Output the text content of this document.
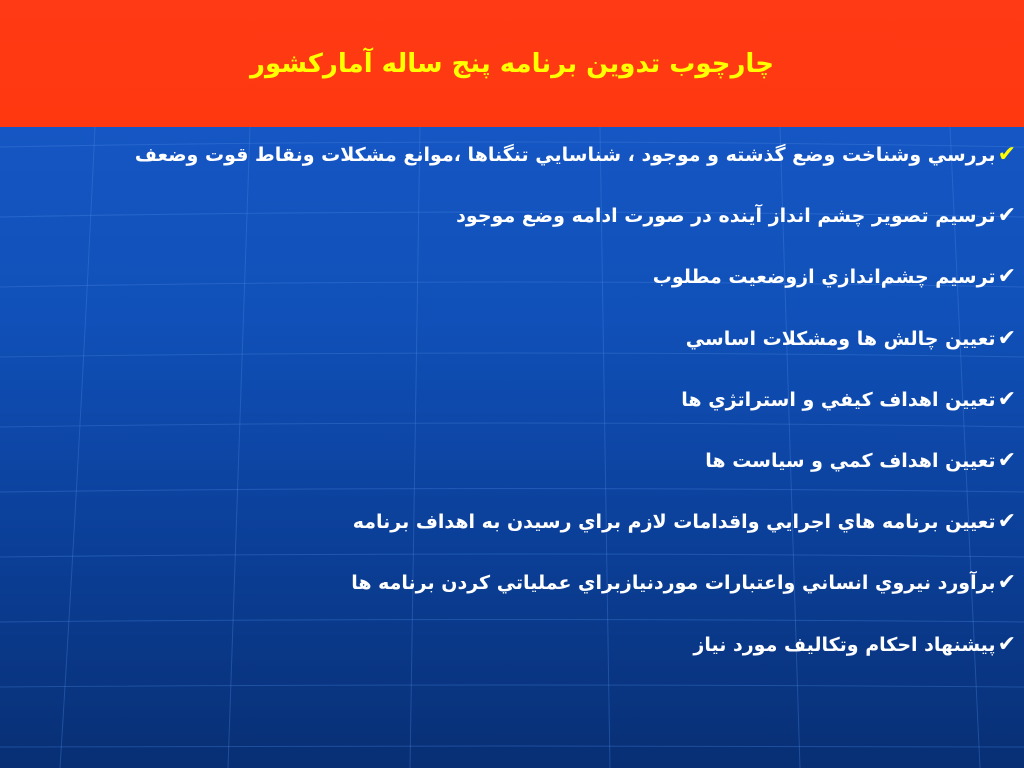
چارچوب تدوين برنامه پنج ساله آماركشور
✔
بررسي وشناخت وضع گذشته و موجود ، شناسايي تنگناها ،موانع مشكلات ونقاط قوت وضعف
✔
ترسيم تصوير چشم انداز آينده در صورت ادامه وضع موجود
✔
ترسيم چشم‌اندازي ازوضعيت مطلوب
✔
تعيين چالش ها ومشكلات اساسي
✔
تعيين اهداف كيفي و استراتژي ها
✔
تعيين اهداف كمي و سياست ها
✔
تعيين برنامه هاي اجرايي واقدامات لازم براي رسيدن به اهداف برنامه
✔
برآورد نيروي انساني واعتبارات موردنيازبراي عملياتي كردن برنامه ها
✔
پيشنهاد احكام وتكاليف مورد نياز
